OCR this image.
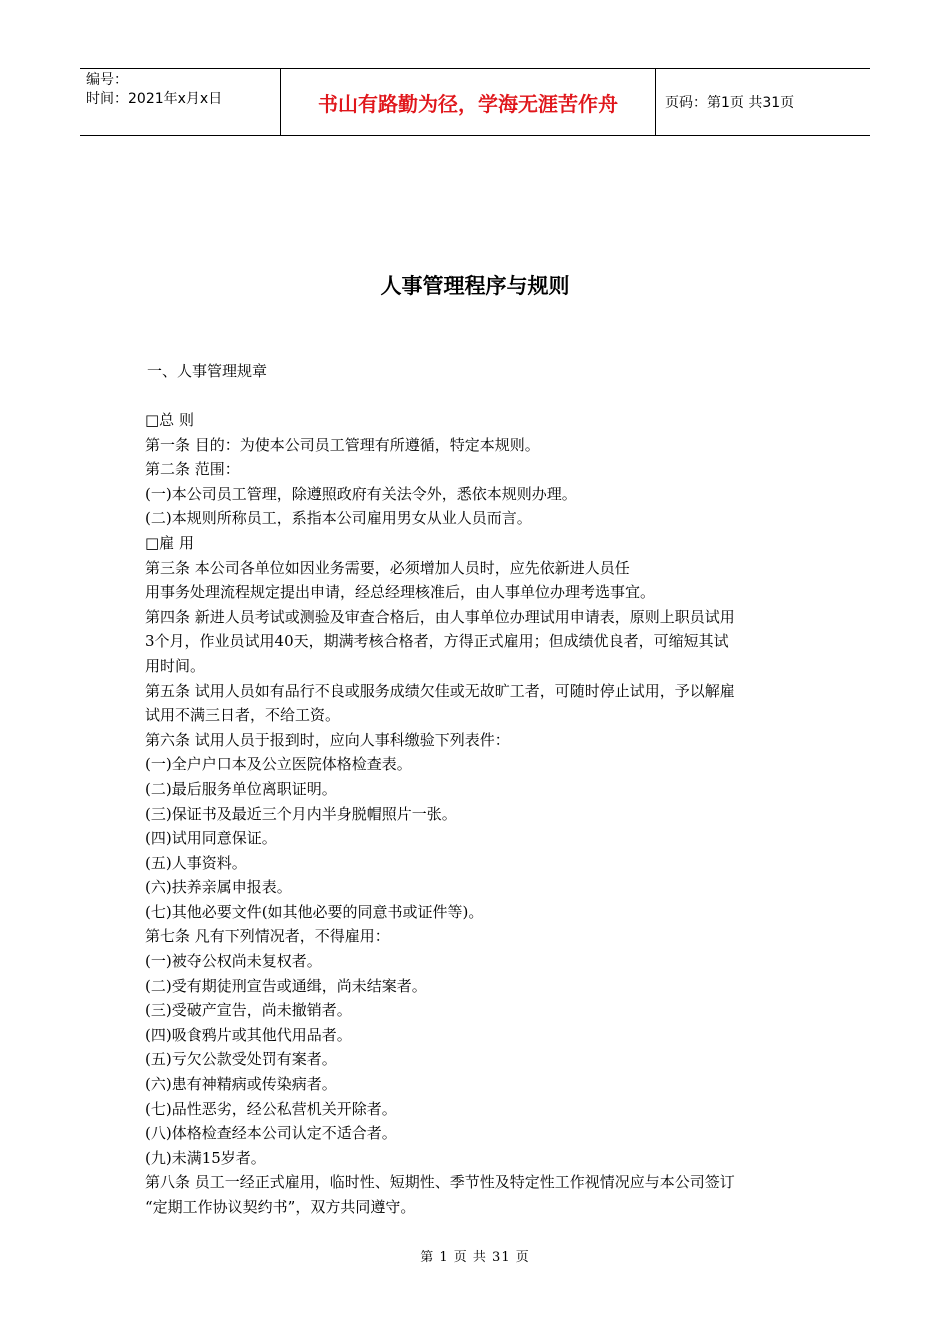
编号：
时间：2021年x月x日	书山有路勤为径，学海无涯苦作舟	页码：第1页 共31页
人事管理程序与规则
一、人事管理规章

□总 则

第一条 目的：为使本公司员工管理有所遵循，特定本规则。

第二条 范围：

(一)本公司员工管理，除遵照政府有关法令外，悉依本规则办理。

(二)本规则所称员工，系指本公司雇用男女从业人员而言。

□雇 用

第三条 本公司各单位如因业务需要，必须增加人员时，应先依新进人员任

用事务处理流程规定提出申请，经总经理核准后，由人事单位办理考选事宜。

第四条 新进人员考试或测验及审查合格后，由人事单位办理试用申请表，原则上职员试用

3个月，作业员试用40天，期满考核合格者，方得正式雇用；但成绩优良者，可缩短其试

用时间。

第五条 试用人员如有品行不良或服务成绩欠佳或无故旷工者，可随时停止试用，予以解雇

试用不满三日者，不给工资。

第六条 试用人员于报到时，应向人事科缴验下列表件：

(一)全户户口本及公立医院体格检查表。

(二)最后服务单位离职证明。

(三)保证书及最近三个月内半身脱帽照片一张。

(四)试用同意保证。

(五)人事资料。

(六)扶养亲属申报表。

(七)其他必要文件(如其他必要的同意书或证件等)。

第七条 凡有下列情况者，不得雇用：

(一)被夺公权尚未复权者。

(二)受有期徒刑宣告或通缉，尚未结案者。

(三)受破产宣告，尚未撤销者。

(四)吸食鸦片或其他代用品者。

(五)亏欠公款受处罚有案者。

(六)患有神精病或传染病者。

(七)品性恶劣，经公私营机关开除者。

(八)体格检查经本公司认定不适合者。

(九)未满15岁者。

第八条 员工一经正式雇用，临时性、短期性、季节性及特定性工作视情况应与本公司签订

“定期工作协议契约书”，双方共同遵守。

第 1 页 共 31 页
